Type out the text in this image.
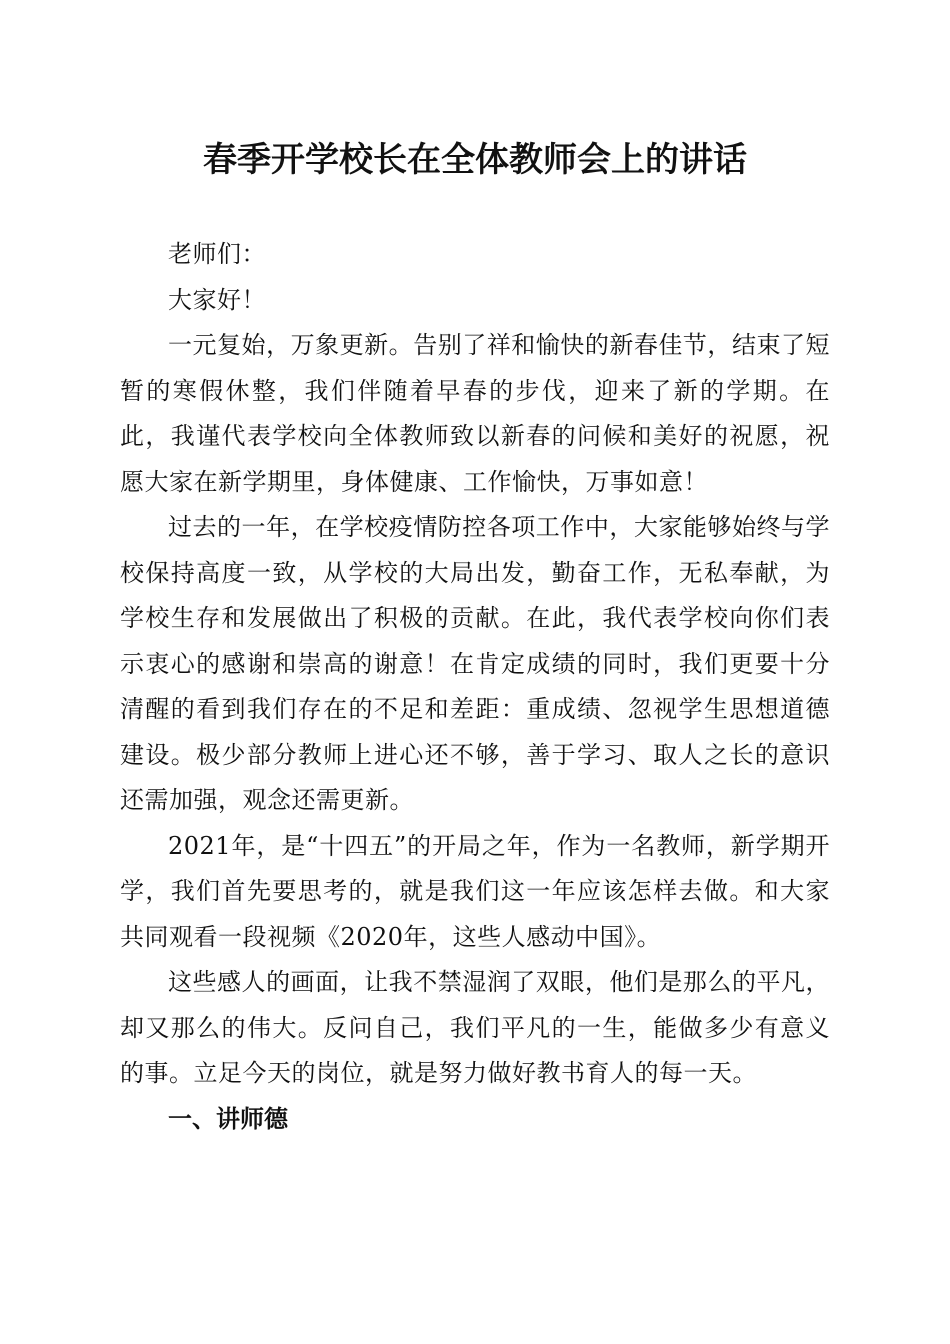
春季开学校长在全体教师会上的讲话

老师们：

大家好！

一元复始，万象更新。告别了祥和愉快的新春佳节，结束了短暂的寒假休整，我们伴随着早春的步伐，迎来了新的学期。在此，我谨代表学校向全体教师致以新春的问候和美好的祝愿，祝愿大家在新学期里，身体健康、工作愉快，万事如意！

过去的一年，在学校疫情防控各项工作中，大家能够始终与学校保持高度一致，从学校的大局出发，勤奋工作，无私奉献，为学校生存和发展做出了积极的贡献。在此，我代表学校向你们表示衷心的感谢和崇高的谢意！在肯定成绩的同时，我们更要十分清醒的看到我们存在的不足和差距：重成绩、忽视学生思想道德建设。极少部分教师上进心还不够，善于学习、取人之长的意识还需加强，观念还需更新。

2021年，是“十四五”的开局之年，作为一名教师，新学期开学，我们首先要思考的，就是我们这一年应该怎样去做。和大家共同观看一段视频《2020年，这些人感动中国》。

这些感人的画面，让我不禁湿润了双眼，他们是那么的平凡，却又那么的伟大。反问自己，我们平凡的一生，能做多少有意义的事。立足今天的岗位，就是努力做好教书育人的每一天。

一、讲师德
